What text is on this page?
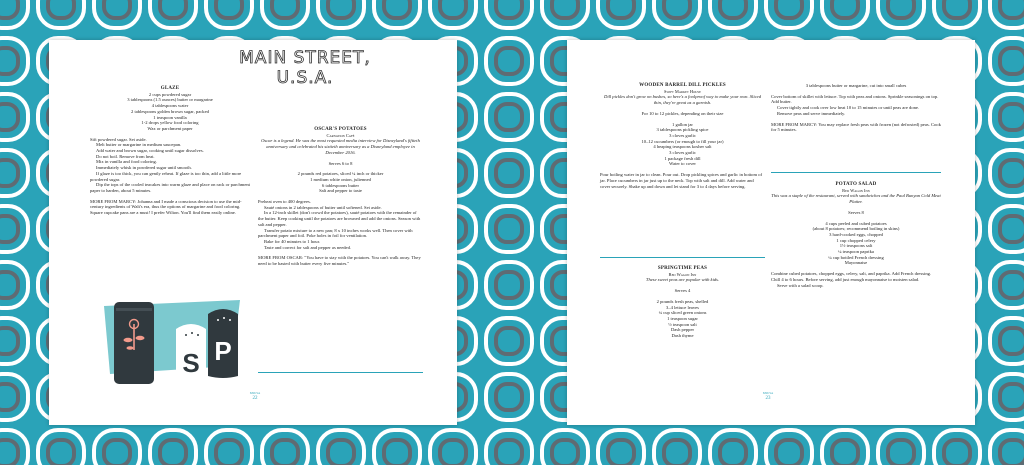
GLAZE

2 cups powdered sugar

3 tablespoons (1.5 ounces) butter or margarine

4 tablespoons water

2 tablespoons golden brown sugar, packed

1 teaspoon vanilla

1-2 drops yellow food coloring

Wax or parchment paper

Sift powdered sugar. Set aside.

Melt butter or margarine in medium saucepan.

Add water and brown sugar, cooking until sugar dissolves.

Do not boil. Remove from heat.

Mix in vanilla and food coloring.

Immediately whisk in powdered sugar until smooth.

If glaze is too thick, you can gently reheat. If glaze is too thin, add a little more powdered sugar.

Dip the tops of the cooled teacakes into warm glaze and place on rack or parchment paper to harden, about 5 minutes.

MORE FROM MARCY: Johanna and I made a conscious decision to use the mid-century ingredients of Walt's era, thus the options of margarine and food coloring. Square cupcake pans are a must! I prefer Wilton. You'll find them easily online.

S P
MAIN STREET, U.S.A.

OSCAR'S POTATOES

Carnation Café

Oscar is a legend. He was the most requested media interview for Disneyland's fiftieth anniversary and celebrated his sixtieth anniversary as a Disneyland employee in December 2016.

Serves 6 to 8

2 pounds red potatoes, sliced ¼ inch or thicker

1 medium white onion, julienned

6 tablespoons butter

Salt and pepper to taste

Preheat oven to 400 degrees.

Sauté onions in 2 tablespoons of butter until softened. Set aside.

In a 12-inch skillet (don't crowd the potatoes), sauté potatoes with the remainder of the butter. Keep cooking until the potatoes are browned and add the onions. Season with salt and pepper.

Transfer potato mixture to a new pan; 8 x 10 inches works well. Then cover with parchment paper and foil. Poke holes in foil for ventilation.

Bake for 40 minutes to 1 hour.

Taste and correct for salt and pepper as needed.

MORE FROM OSCAR: "You have to stay with the potatoes. You can't walk away. They need to be basted with butter every five minutes."

MSUSA
22

WOODEN BARREL DILL PICKLES

Swift Market House

Dill pickles don't grow on bushes, so here's a foolproof way to make your own. Sliced thin, they're great as a garnish.

For 10 to 12 pickles, depending on their size

1 gallon jar

3 tablespoons pickling spice

3 cloves garlic

10–12 cucumbers (or enough to fill your jar)

4 heaping teaspoons kosher salt

3 cloves garlic

1 package fresh dill

Water to cover

Pour boiling water in jar to clean. Pour out. Drop pickling spices and garlic in bottom of jar. Place cucumbers in jar just up to the neck. Top with salt and dill. Add water and cover securely. Shake up and down and let stand for 3 to 4 days before serving.

SPRINGTIME PEAS

Red Wagon Inn

These sweet peas are popular with kids.

Serves 4

2 pounds fresh peas, shelled

3–4 lettuce leaves

¼ cup sliced green onions

1 teaspoon sugar

½ teaspoon salt

Dash pepper

Dash thyme

3 tablespoons butter or margarine, cut into small cubes

Cover bottom of skillet with lettuce. Top with peas and onions. Sprinkle seasonings on top. Add butter.

Cover tightly and cook over low heat 10 to 15 minutes or until peas are done.

Remove peas and serve immediately.

MORE FROM MARCY: You may replace fresh peas with frozen (not defrosted) peas. Cook for 5 minutes.

POTATO SALAD

Red Wagon Inn

This was a staple of the restaurant, served with sandwiches and the Paul Bunyan Cold Meat Platter.

Serves 8

4 cups peeled and cubed potatoes

(about 8 potatoes; recommend boiling in skins)

3 hard-cooked eggs, chopped

1 cup chopped celery

1½ teaspoons salt

¼ teaspoon paprika

¼ cup bottled French dressing

Mayonnaise

Combine cubed potatoes, chopped eggs, celery, salt, and paprika. Add French dressing. Chill 4 to 6 hours. Before serving, add just enough mayonnaise to moisten salad.

Serve with a salad scoop.

MSUSA
23
